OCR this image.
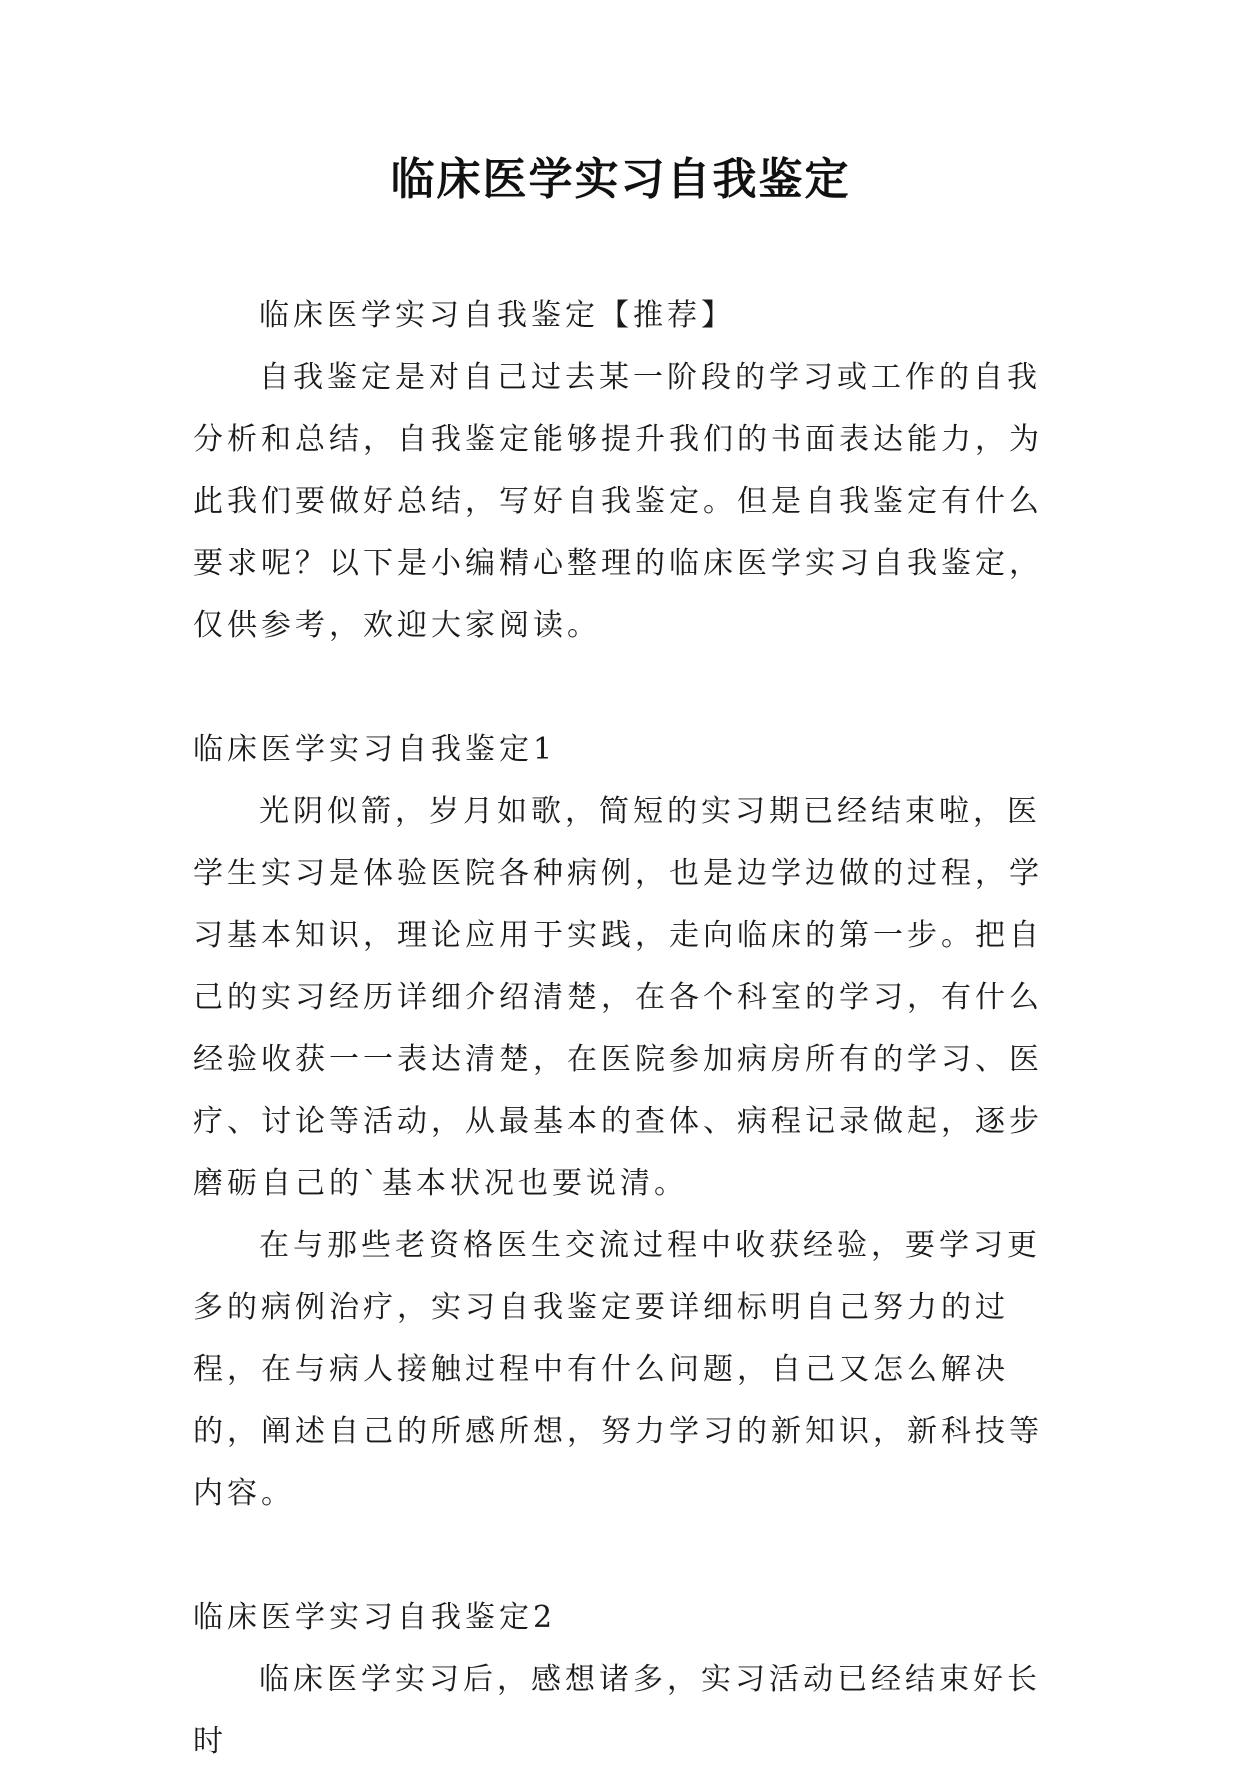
临床医学实习自我鉴定

临床医学实习自我鉴定【推荐】

自我鉴定是对自己过去某一阶段的学习或工作的自我分析和总结，自我鉴定能够提升我们的书面表达能力，为此我们要做好总结，写好自我鉴定。但是自我鉴定有什么要求呢？以下是小编精心整理的临床医学实习自我鉴定，仅供参考，欢迎大家阅读。

临床医学实习自我鉴定1

光阴似箭，岁月如歌，简短的实习期已经结束啦，医学生实习是体验医院各种病例，也是边学边做的过程，学习基本知识，理论应用于实践，走向临床的第一步。把自己的实习经历详细介绍清楚，在各个科室的学习，有什么经验收获一一表达清楚，在医院参加病房所有的学习、医疗、讨论等活动，从最基本的查体、病程记录做起，逐步磨砺自己的`基本状况也要说清。

在与那些老资格医生交流过程中收获经验，要学习更多的病例治疗，实习自我鉴定要详细标明自己努力的过程，在与病人接触过程中有什么问题，自己又怎么解决的，阐述自己的所感所想，努力学习的新知识，新科技等内容。

临床医学实习自我鉴定2

临床医学实习后，感想诸多，实习活动已经结束好长时
